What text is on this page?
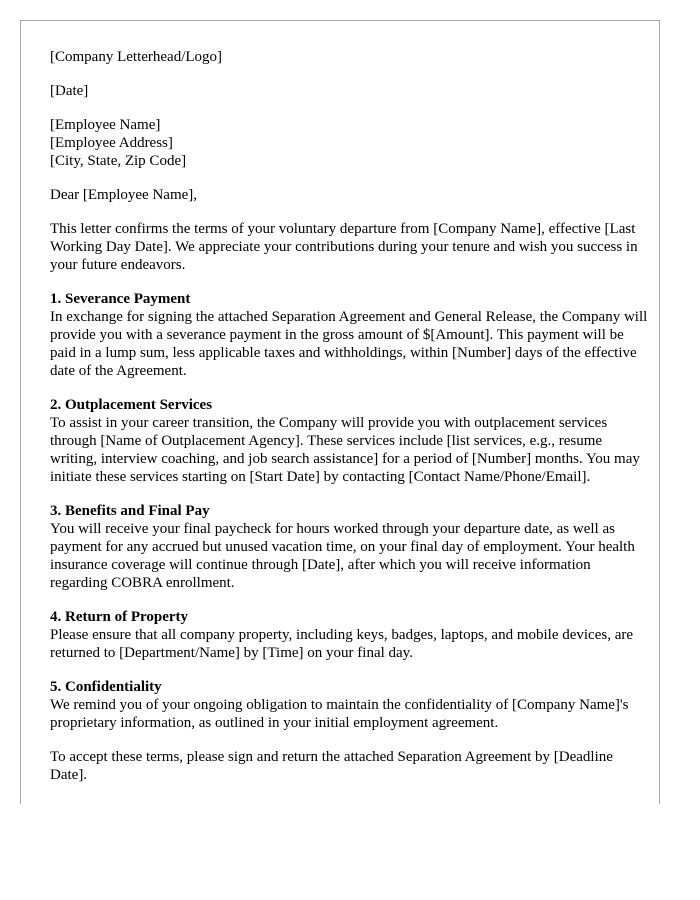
[Company Letterhead/Logo]

[Date]

[Employee Name]
[Employee Address]
[City, State, Zip Code]

Dear [Employee Name],

This letter confirms the terms of your voluntary departure from [Company Name], effective [Last Working Day Date]. We appreciate your contributions during your tenure and wish you success in your future endeavors.

1. Severance Payment
In exchange for signing the attached Separation Agreement and General Release, the Company will provide you with a severance payment in the gross amount of $[Amount]. This payment will be paid in a lump sum, less applicable taxes and withholdings, within [Number] days of the effective date of the Agreement.
2. Outplacement Services
To assist in your career transition, the Company will provide you with outplacement services through [Name of Outplacement Agency]. These services include [list services, e.g., resume writing, interview coaching, and job search assistance] for a period of [Number] months. You may initiate these services starting on [Start Date] by contacting [Contact Name/Phone/Email].
3. Benefits and Final Pay
You will receive your final paycheck for hours worked through your departure date, as well as payment for any accrued but unused vacation time, on your final day of employment. Your health insurance coverage will continue through [Date], after which you will receive information regarding COBRA enrollment.
4. Return of Property
Please ensure that all company property, including keys, badges, laptops, and mobile devices, are returned to [Department/Name] by [Time] on your final day.
5. Confidentiality
We remind you of your ongoing obligation to maintain the confidentiality of [Company Name]'s proprietary information, as outlined in your initial employment agreement.

To accept these terms, please sign and return the attached Separation Agreement by [Deadline Date].
